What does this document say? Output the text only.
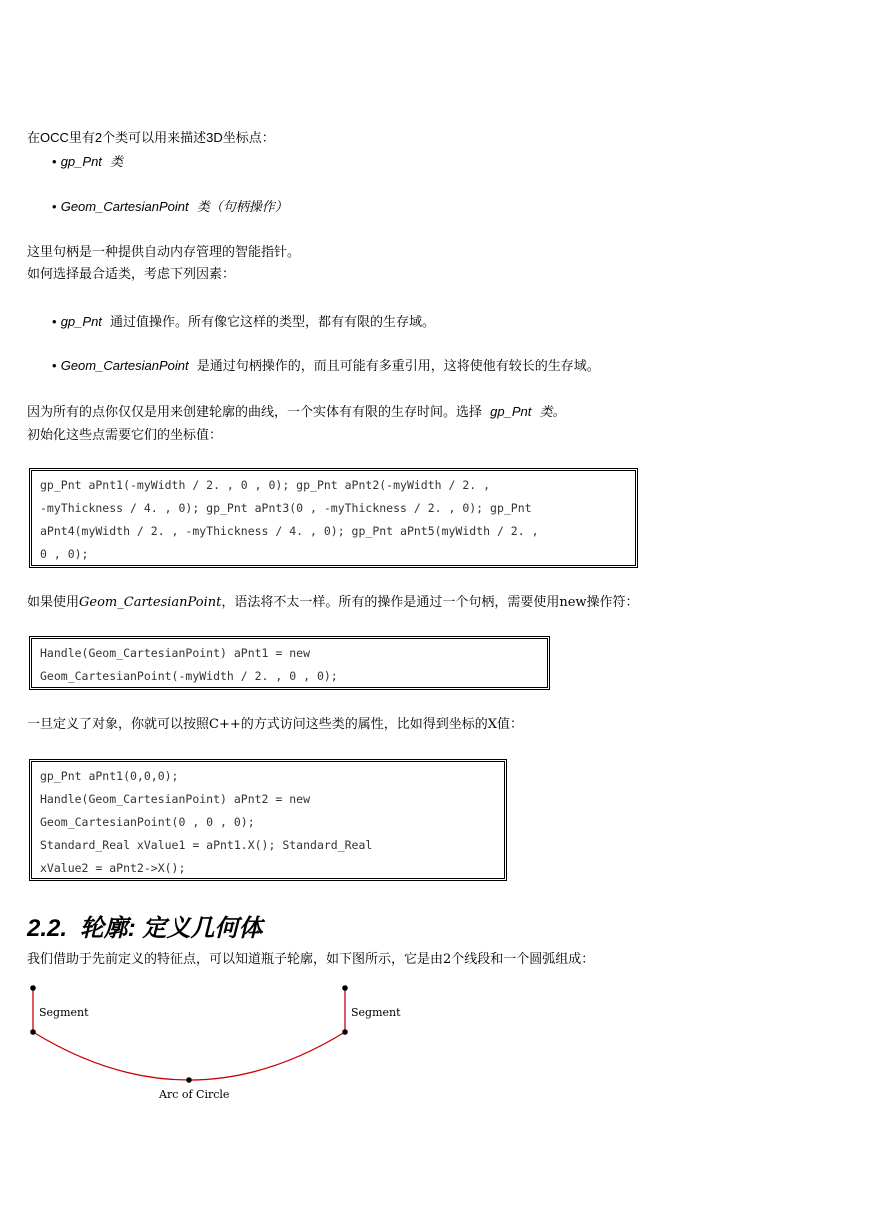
在OCC里有2个类可以用来描述3D坐标点：
• gp_Pnt 类
• Geom_CartesianPoint 类（句柄操作）
这里句柄是一种提供自动内存管理的智能指针。
如何选择最合适类，考虑下列因素：
• gp_Pnt 通过值操作。所有像它这样的类型，都有有限的生存域。
• Geom_CartesianPoint 是通过句柄操作的，而且可能有多重引用，这将使他有较长的生存域。
因为所有的点你仅仅是用来创建轮廓的曲线，一个实体有有限的生存时间。选择 gp_Pnt 类。
初始化这些点需要它们的坐标值：
gp_Pnt aPnt1(-myWidth / 2. , 0 , 0); gp_Pnt aPnt2(-myWidth / 2. ,
-myThickness / 4. , 0); gp_Pnt aPnt3(0 , -myThickness / 2. , 0); gp_Pnt
aPnt4(myWidth / 2. , -myThickness / 4. , 0); gp_Pnt aPnt5(myWidth / 2. ,
0 , 0);
如果使用Geom_CartesianPoint，语法将不太一样。所有的操作是通过一个句柄，需要使用new操作符：
Handle(Geom_CartesianPoint) aPnt1 = new
Geom_CartesianPoint(-myWidth / 2. , 0 , 0);
一旦定义了对象，你就可以按照C++的方式访问这些类的属性，比如得到坐标的X值：
gp_Pnt aPnt1(0,0,0);
Handle(Geom_CartesianPoint) aPnt2 = new
Geom_CartesianPoint(0 , 0 , 0);
Standard_Real xValue1 = aPnt1.X(); Standard_Real
xValue2 = aPnt2->X();
2.2. 轮廓: 定义几何体
我们借助于先前定义的特征点，可以知道瓶子轮廓，如下图所示，它是由2个线段和一个圆弧组成：
Segment	Segment
Arc of Circle
